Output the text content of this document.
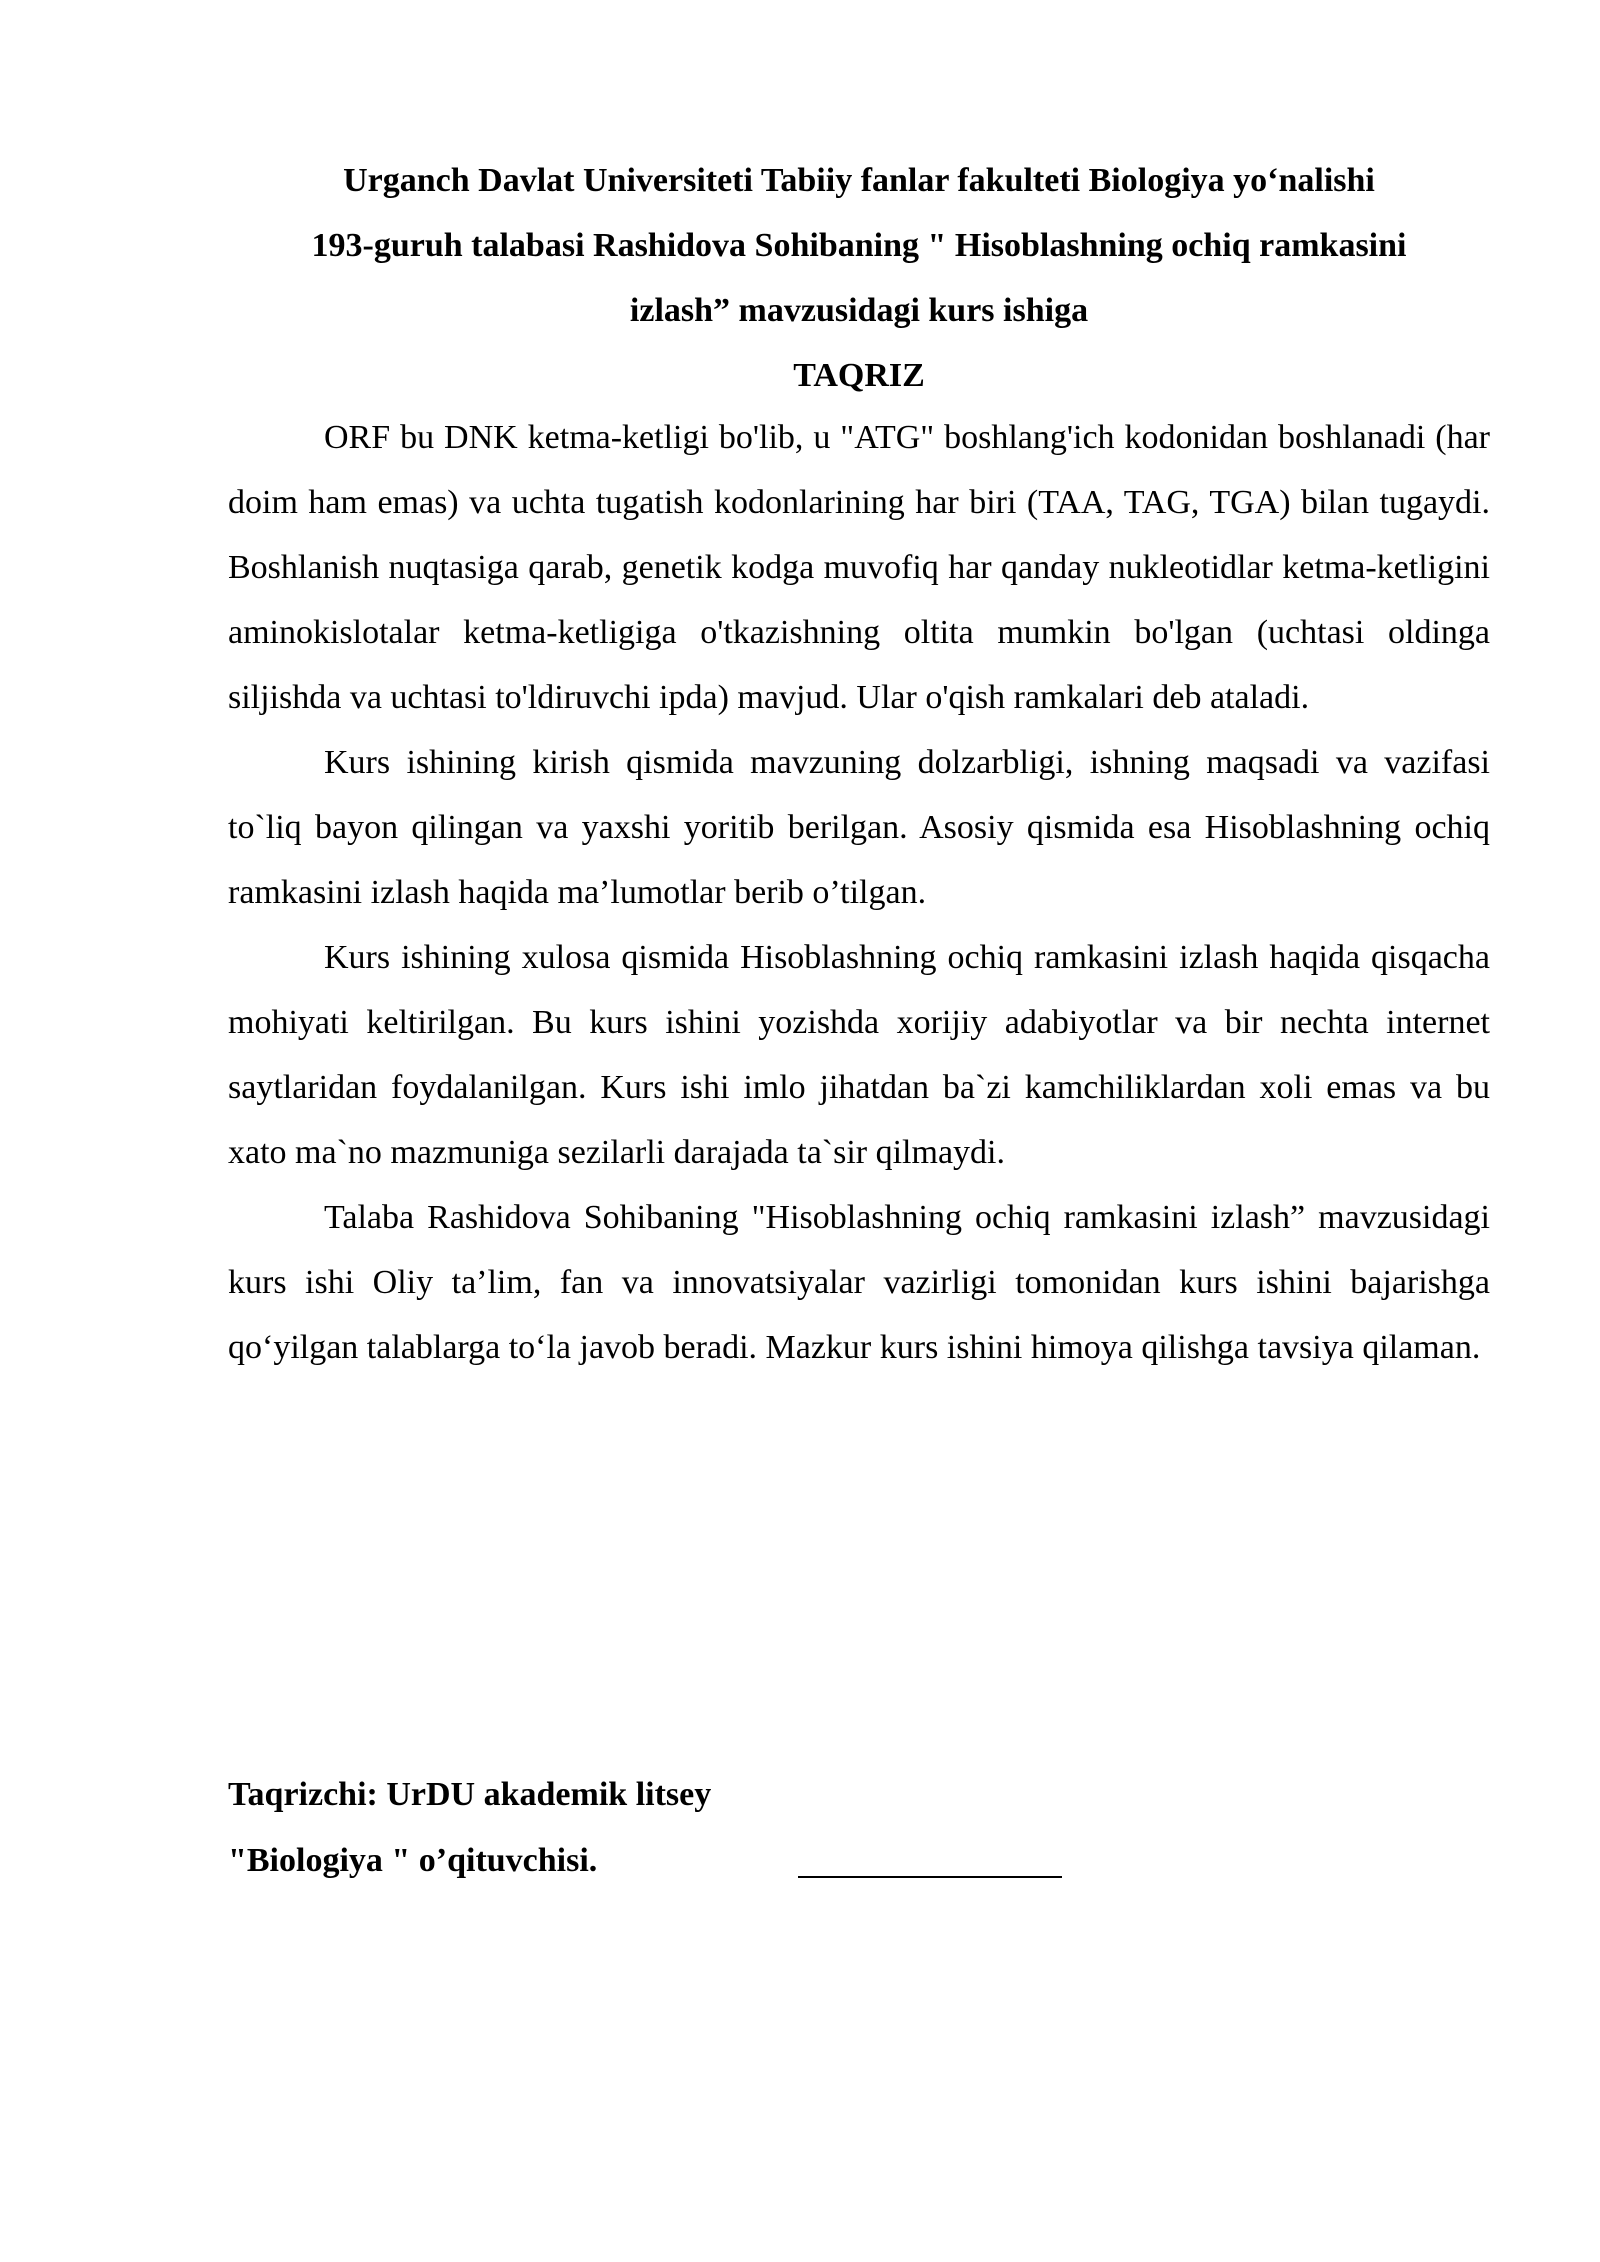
Urganch Davlat Universiteti Tabiiy fanlar fakulteti Biologiya yo‘nalishi
193-guruh talabasi Rashidova Sohibaning " Hisoblashning ochiq ramkasini
izlash” mavzusidagi kurs ishiga
TAQRIZ

ORF bu DNK ketma-ketligi bo'lib, u "ATG" boshlang'ich kodonidan boshlanadi (har doim ham emas) va uchta tugatish kodonlarining har biri (TAA, TAG, TGA) bilan tugaydi. Boshlanish nuqtasiga qarab, genetik kodga muvofiq har qanday nukleotidlar ketma-ketligini aminokislotalar ketma-ketligiga o'tkazishning oltita mumkin bo'lgan (uchtasi oldinga siljishda va uchtasi to'ldiruvchi ipda) mavjud. Ular o'qish ramkalari deb ataladi.

Kurs ishining kirish qismida mavzuning dolzarbligi, ishning maqsadi va vazifasi to`liq bayon qilingan va yaxshi yoritib berilgan. Asosiy qismida esa Hisoblashning ochiq ramkasini izlash haqida ma’lumotlar berib o’tilgan.

Kurs ishining xulosa qismida Hisoblashning ochiq ramkasini izlash haqida qisqacha mohiyati keltirilgan. Bu kurs ishini yozishda xorijiy adabiyotlar va bir nechta internet saytlaridan foydalanilgan. Kurs ishi imlo jihatdan ba`zi kamchiliklardan xoli emas va bu xato ma`no mazmuniga sezilarli darajada ta`sir qilmaydi.

Talaba Rashidova Sohibaning "Hisoblashning ochiq ramkasini izlash” mavzusidagi kurs ishi Oliy ta’lim, fan va innovatsiyalar vazirligi tomonidan kurs ishini bajarishga qo‘yilgan talablarga to‘la javob beradi. Mazkur kurs ishini himoya qilishga tavsiya qilaman.

Taqrizchi: UrDU akademik litsey
"Biologiya " o’qituvchisi.
